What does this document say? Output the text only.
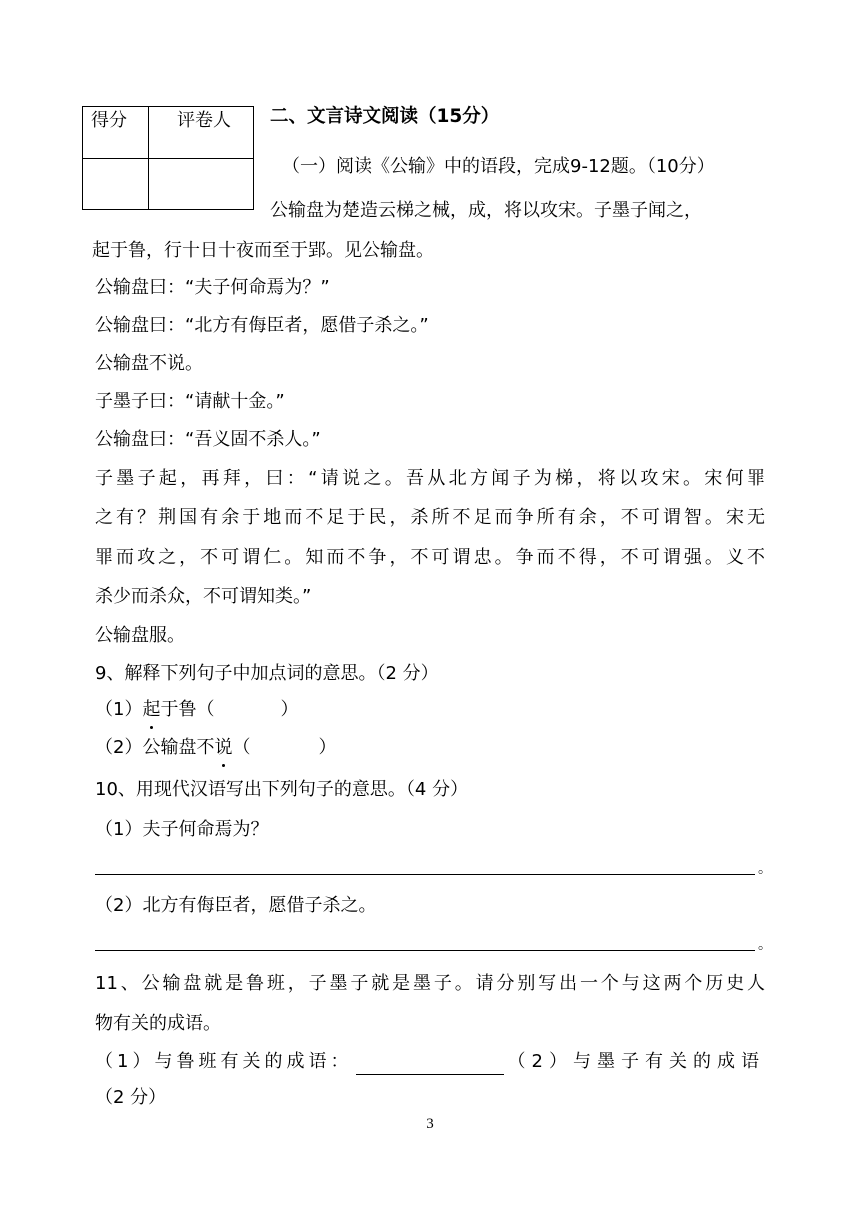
得分	评卷人
	二、文言诗文阅读（15分）
（一）阅读《公输》中的语段，完成9-12题。（10分）
公输盘为楚造云梯之械，成，将以攻宋。子墨子闻之，
起于鲁，行十日十夜而至于郢。见公输盘。
公输盘曰：“夫子何命焉为？”
公输盘曰：“北方有侮臣者，愿借子杀之。”
公输盘不说。
子墨子曰：“请献十金。”
公输盘曰：“吾义固不杀人。”
子墨子起，再拜，曰：“请说之。吾从北方闻子为梯，将以攻宋。宋何罪
之有？荆国有余于地而不足于民，杀所不足而争所有余，不可谓智。宋无
罪而攻之，不可谓仁。知而不争，不可谓忠。争而不得，不可谓强。义不
杀少而杀众，不可谓知类。”
公输盘服。
9、解释下列句子中加点词的意思。（2 分）
（1）起于鲁（	）
（2）公输盘不说（	）
10、用现代汉语写出下列句子的意思。（4 分）
（1）夫子何命焉为？
。
（2）北方有侮臣者，愿借子杀之。
。
11、公输盘就是鲁班，子墨子就是墨子。请分别写出一个与这两个历史人
物有关的成语。
（1）与鲁班有关的成语：	（2）与墨子有关的成语
（2 分）
3
